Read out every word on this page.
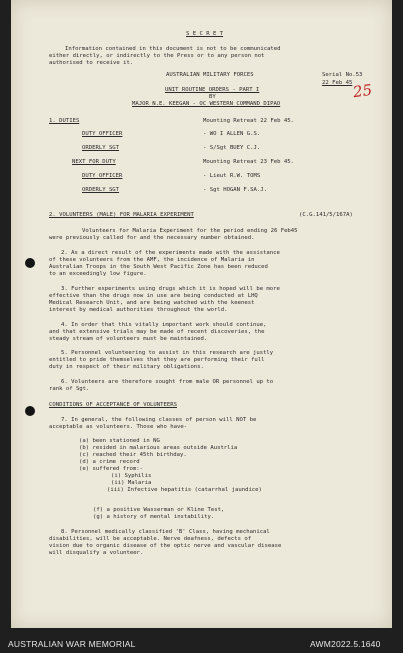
S E C R E T
Information contained in this document is not to be communicated
either directly, or indirectly to the Press or to any person not
authorised to receive it.
AUSTRALIAN MILITARY FORCES	Serial No.53
22 Feb 45
UNIT ROUTINE ORDERS - PART I
BY
MAJOR N.E. KEEGAN - OC WESTERN COMMAND DIPAO
25
1. DUTIES	Mounting Retreat 22 Feb 45.
DUTY OFFICER	- WO I ALLEN G.S.
ORDERLY SGT	- S/Sgt BUEY C.J.
NEXT FOR DUTY	Mounting Retreat 23 Feb 45.
DUTY OFFICER	- Lieut R.W. TOMS
ORDERLY SGT	- Sgt HOGAN F.SA.J.
2. VOLUNTEERS (MALE) FOR MALARIA EXPERIMENT	(C.G.141/5/167A)
Volunteers for Malaria Experiment for the period ending 26 Feb45
were previously called for and the necessary number obtained.
2. As a direct result of the experiments made with the assistance
of these volunteers from the AMF, the incidence of Malaria in
Australian Troops in the South West Pacific Zone has been reduced
to an exceedingly low figure.
3. Further experiments using drugs which it is hoped will be more
effective than the drugs now in use are being conducted at LHQ
Medical Research Unit, and are being watched with the keenest
interest by medical authorities throughout the world.
4. In order that this vitally important work should continue,
and that extensive trials may be made of recent discoveries, the
steady stream of volunteers must be maintained.
5. Personnel volunteering to assist in this research are justly
entitled to pride themselves that they are performing their full
duty in respect of their military obligations.
6. Volunteers are therefore sought from male OR personnel up to
rank of Sgt.
CONDITIONS OF ACCEPTANCE OF VOLUNTEERS
7. In general, the following classes of person will NOT be
acceptable as volunteers. Those who have-
(a) been stationed in NG
(b) resided in malarious areas outside Austrlia
(c) reached their 45th birthday.
(d) a crime record
(e) suffered from:-
(i) Syphilis
(ii) Malaria
(iii) Infective hepatitis (catarrhal jaundice)
(f) a positive Wasserman or Kline Test,
(g) a history of mental instability.
8. Personnel medically classified 'B' Class, having mechanical
disabilities, will be acceptable. Nerve deafness, defects of
vision due to organic disease of the optic nerve and vascular disease
will disqualify a volunteer.
AUSTRALIAN WAR MEMORIAL	AWM2022.5.1640
